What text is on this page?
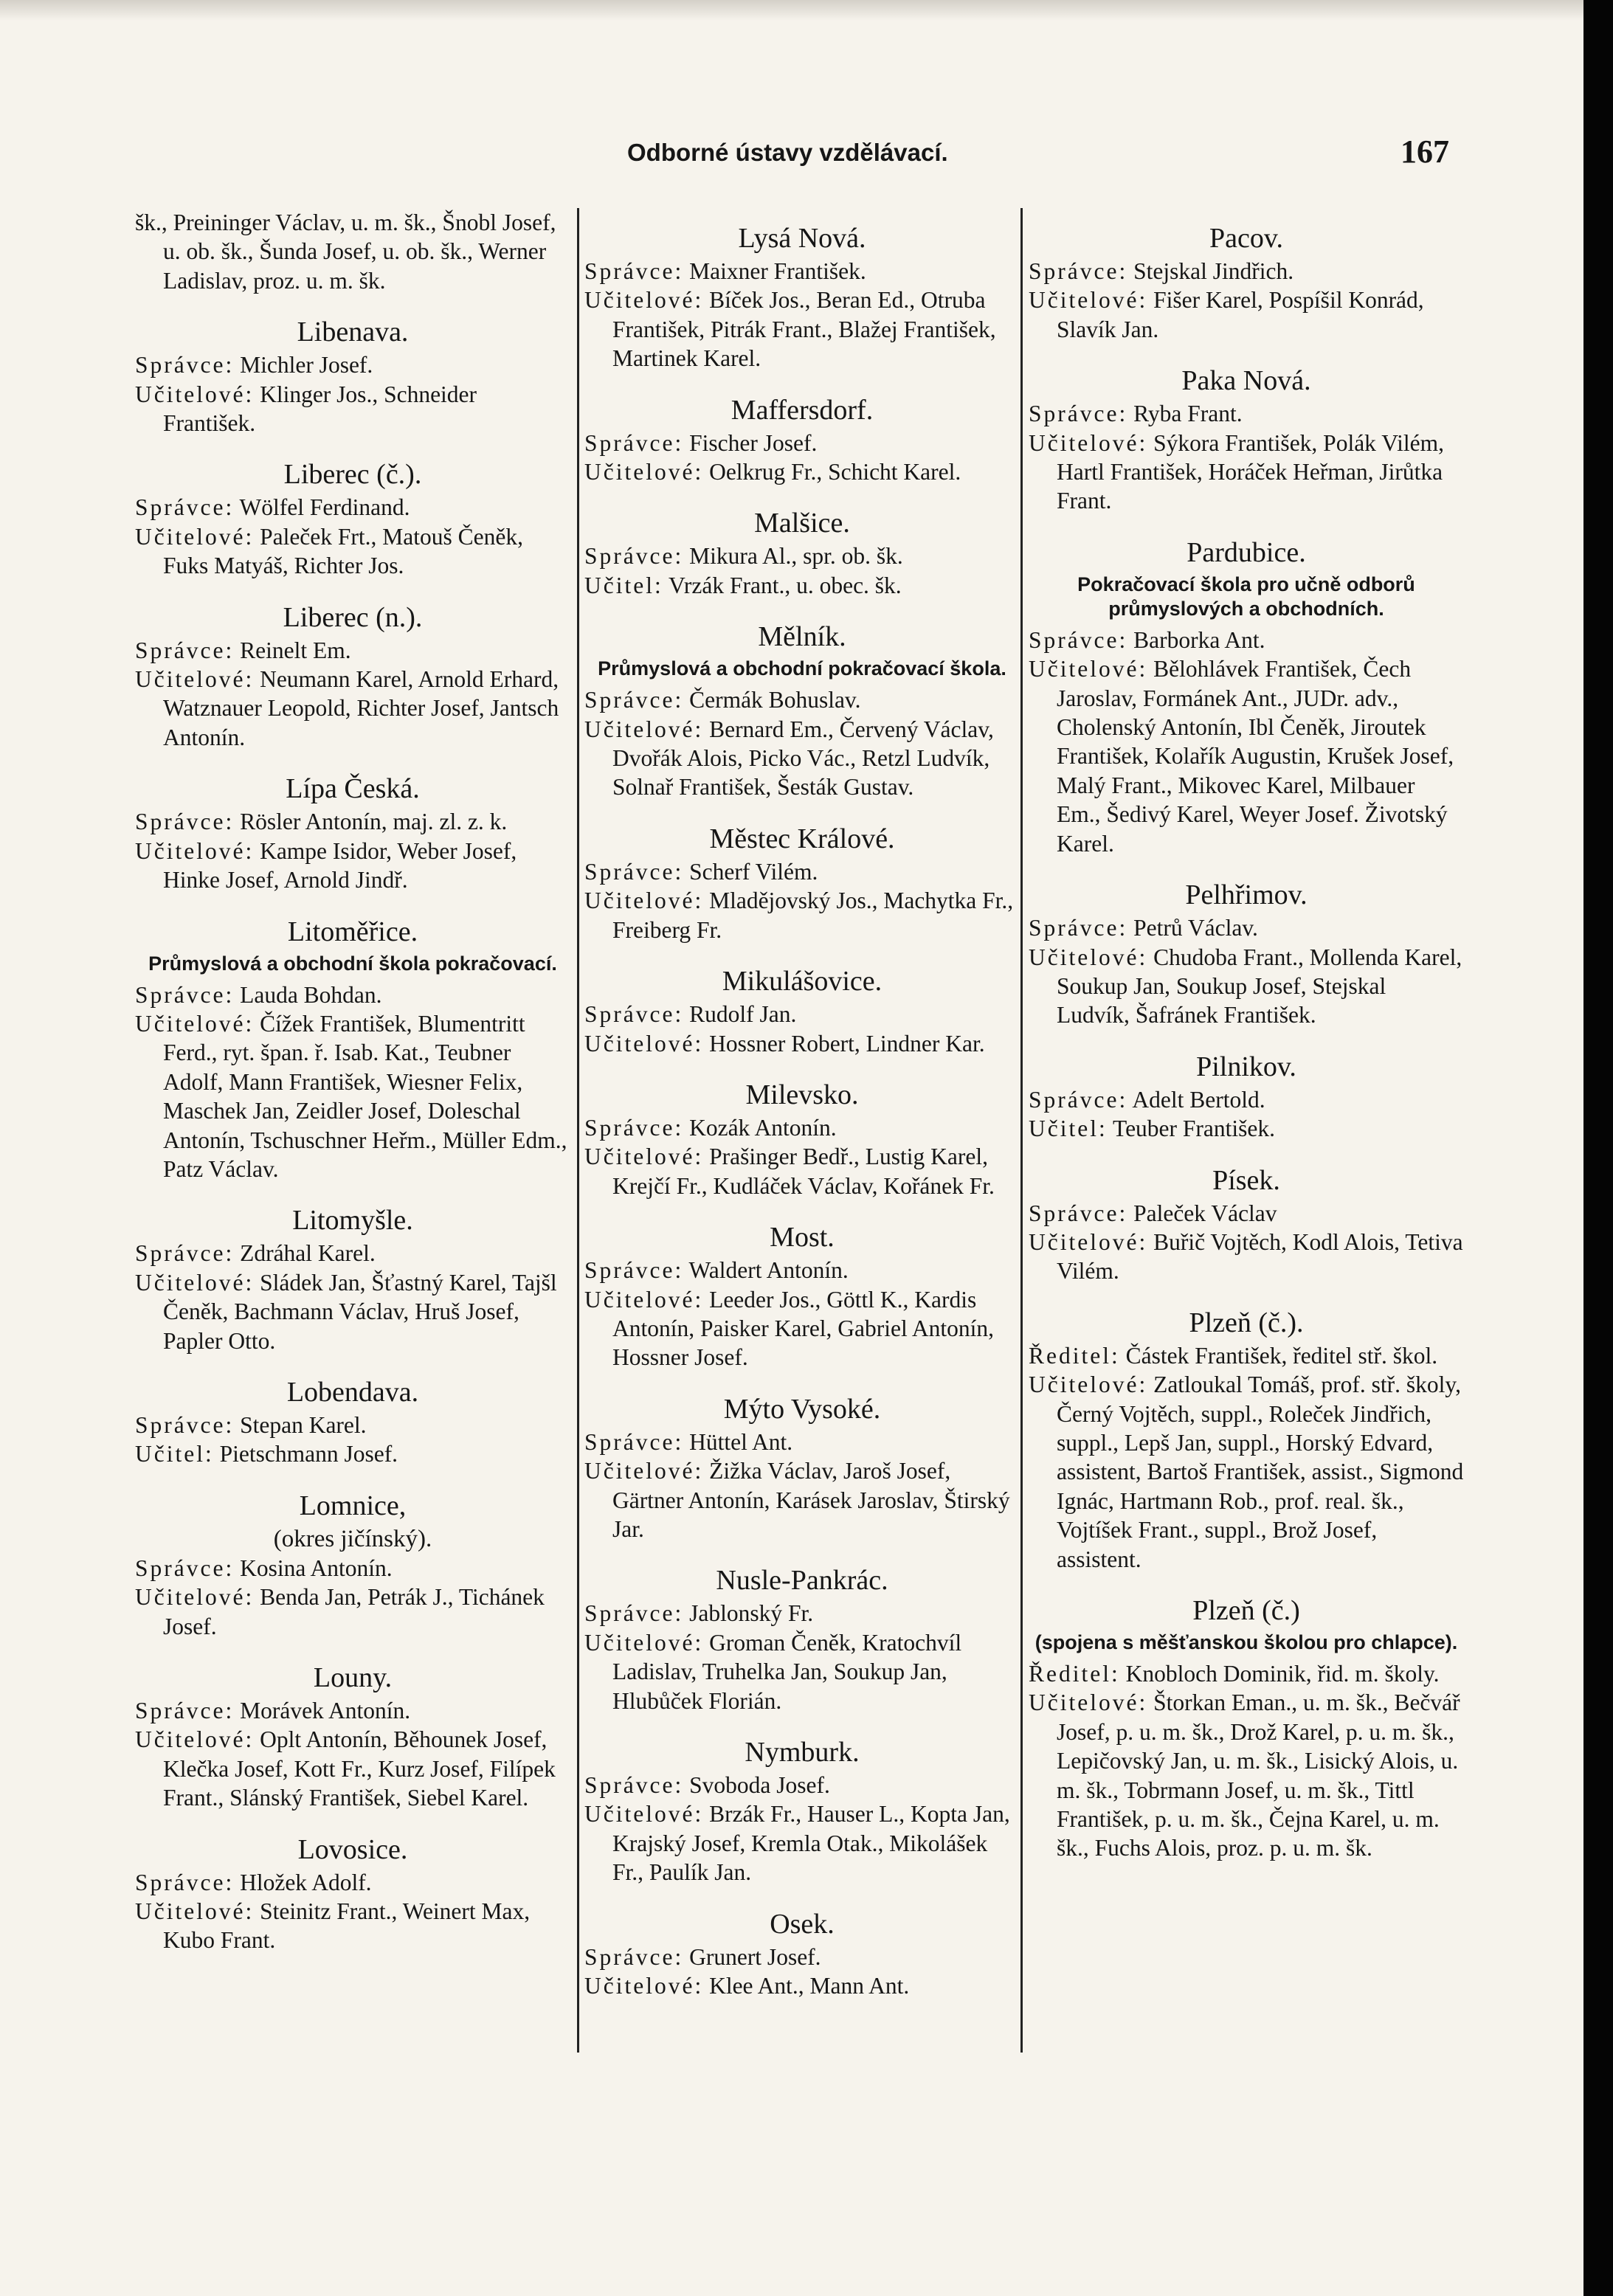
Odborné ústavy vzdělávací.	167
šk., Preininger Václav, u. m. šk., Šnobl Josef, u. ob. šk., Šunda Josef, u. ob. šk., Werner Ladislav, proz. u. m. šk.
Libenava.
Správce: Michler Josef.
Učitelové: Klinger Jos., Schneider František.
Liberec (č.).
Správce: Wölfel Ferdinand.
Učitelové: Paleček Frt., Matouš Čeněk, Fuks Matyáš, Richter Jos.
Liberec (n.).
Správce: Reinelt Em.
Učitelové: Neumann Karel, Arnold Erhard, Watznauer Leopold, Richter Josef, Jantsch Antonín.
Lípa Česká.
Správce: Rösler Antonín, maj. zl. z. k.
Učitelové: Kampe Isidor, Weber Josef, Hinke Josef, Arnold Jindř.
Litoměřice.
Průmyslová a obchodní škola pokračovací.
Správce: Lauda Bohdan.
Učitelové: Čížek František, Blumentritt Ferd., ryt. špan. ř. Isab. Kat., Teubner Adolf, Mann František, Wiesner Felix, Maschek Jan, Zeidler Josef, Doleschal Antonín, Tschuschner Heřm., Müller Edm., Patz Václav.
Litomyšle.
Správce: Zdráhal Karel.
Učitelové: Sládek Jan, Šťastný Karel, Tajšl Čeněk, Bachmann Václav, Hruš Josef, Papler Otto.
Lobendava.
Správce: Stepan Karel.
Učitel: Pietschmann Josef.
Lomnice,
(okres jičínský).
Správce: Kosina Antonín.
Učitelové: Benda Jan, Petrák J., Tichánek Josef.
Louny.
Správce: Morávek Antonín.
Učitelové: Oplt Antonín, Běhounek Josef, Klečka Josef, Kott Fr., Kurz Josef, Filípek Frant., Slánský František, Siebel Karel.
Lovosice.
Správce: Hložek Adolf.
Učitelové: Steinitz Frant., Weinert Max, Kubo Frant.
Lysá Nová.
Správce: Maixner František.
Učitelové: Bíček Jos., Beran Ed., Otruba František, Pitrák Frant., Blažej František, Martinek Karel.
Maffersdorf.
Správce: Fischer Josef.
Učitelové: Oelkrug Fr., Schicht Karel.
Malšice.
Správce: Mikura Al., spr. ob. šk.
Učitel: Vrzák Frant., u. obec. šk.
Mělník.
Průmyslová a obchodní pokračovací škola.
Správce: Čermák Bohuslav.
Učitelové: Bernard Em., Červený Václav, Dvořák Alois, Picko Vác., Retzl Ludvík, Solnař František, Šesták Gustav.
Městec Králové.
Správce: Scherf Vilém.
Učitelové: Mladějovský Jos., Machytka Fr., Freiberg Fr.
Mikulášovice.
Správce: Rudolf Jan.
Učitelové: Hossner Robert, Lindner Kar.
Milevsko.
Správce: Kozák Antonín.
Učitelové: Prašinger Bedř., Lustig Karel, Krejčí Fr., Kudláček Václav, Kořánek Fr.
Most.
Správce: Waldert Antonín.
Učitelové: Leeder Jos., Göttl K., Kardis Antonín, Paisker Karel, Gabriel Antonín, Hossner Josef.
Mýto Vysoké.
Správce: Hüttel Ant.
Učitelové: Žižka Václav, Jaroš Josef, Gärtner Antonín, Karásek Jaroslav, Štirský Jar.
Nusle-Pankrác.
Správce: Jablonský Fr.
Učitelové: Groman Čeněk, Kratochvíl Ladislav, Truhelka Jan, Soukup Jan, Hlubůček Florián.
Nymburk.
Správce: Svoboda Josef.
Učitelové: Brzák Fr., Hauser L., Kopta Jan, Krajský Josef, Kremla Otak., Mikolášek Fr., Paulík Jan.
Osek.
Správce: Grunert Josef.
Učitelové: Klee Ant., Mann Ant.
Pacov.
Správce: Stejskal Jindřich.
Učitelové: Fišer Karel, Pospíšil Konrád, Slavík Jan.
Paka Nová.
Správce: Ryba Frant.
Učitelové: Sýkora František, Polák Vilém, Hartl František, Horáček Heřman, Jirůtka Frant.
Pardubice.
Pokračovací škola pro učně odborů průmyslových a obchodních.
Správce: Barborka Ant.
Učitelové: Bělohlávek František, Čech Jaroslav, Formánek Ant., JUDr. adv., Cholenský Antonín, Ibl Čeněk, Jiroutek František, Kolařík Augustin, Krušek Josef, Malý Frant., Mikovec Karel, Milbauer Em., Šedivý Karel, Weyer Josef. Životský Karel.
Pelhřimov.
Správce: Petrů Václav.
Učitelové: Chudoba Frant., Mollenda Karel, Soukup Jan, Soukup Josef, Stejskal Ludvík, Šafránek František.
Pilnikov.
Správce: Adelt Bertold.
Učitel: Teuber František.
Písek.
Správce: Paleček Václav
Učitelové: Buřič Vojtěch, Kodl Alois, Tetiva Vilém.
Plzeň (č.).
Ředitel: Částek František, ředitel stř. škol.
Učitelové: Zatloukal Tomáš, prof. stř. školy, Černý Vojtěch, suppl., Roleček Jindřich, suppl., Lepš Jan, suppl., Horský Edvard, assistent, Bartoš František, assist., Sigmond Ignác, Hartmann Rob., prof. real. šk., Vojtíšek Frant., suppl., Brož Josef, assistent.
Plzeň (č.)
(spojena s měšťanskou školou pro chlapce).
Ředitel: Knobloch Dominik, řid. m. školy.
Učitelové: Štorkan Eman., u. m. šk., Bečvář Josef, p. u. m. šk., Drož Karel, p. u. m. šk., Lepičovský Jan, u. m. šk., Lisický Alois, u. m. šk., Tobrmann Josef, u. m. šk., Tittl František, p. u. m. šk., Čejna Karel, u. m. šk., Fuchs Alois, proz. p. u. m. šk.
